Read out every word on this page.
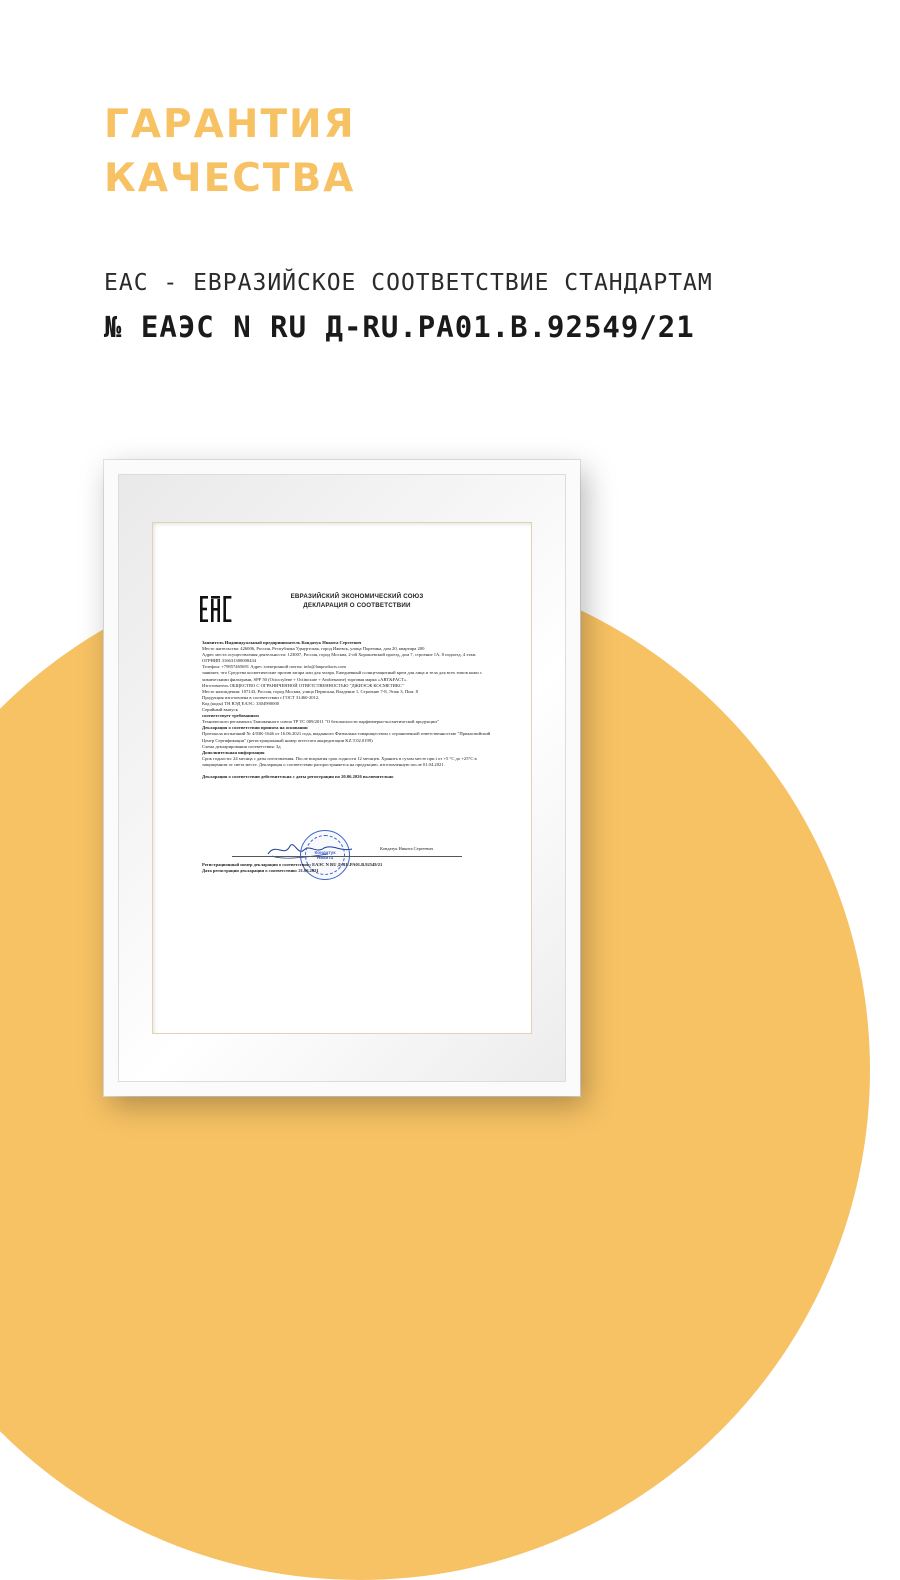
ГАРАНТИЯ
КАЧЕСТВА
EAC - ЕВРАЗИЙСКОЕ СООТВЕТСТВИЕ СТАНДАРТАМ
№ ЕАЭС N RU Д-RU.PA01.B.92549/21
ЕВРАЗИЙСКИЙ ЭКОНОМИЧЕСКИЙ СОЮЗ
ДЕКЛАРАЦИЯ О СООТВЕТСТВИИ

Заявитель Индивидуальный предприниматель Кондатук Никита Сергеевич

Место жительства: 426006, Россия, Республика Удмуртская, город Ижевск, улица Порезика, дом 20, квартира 200

Адрес места осуществления деятельности: 123007, Россия, город Москва, 2-ой Хорошевский проезд, дом 7, строение 1А, 8 подъезд, 4 этаж

ОГРНИП 316631300008434

Телефон: +79857465691 Адрес электронной почты: info@lanproducts.com

заявляет, что Средства косметические против загара или для загара. Ежедневный солнцезащитный крем для лица и тела для всех типов кожи с химическими фильтрами, SPF 50 (Octocrylene + Octinoxate + Avobenzone) торговая марка «ART&FACT».

Изготовитель ОБЩЕСТВО С ОГРАНИЧЕННОЙ ОТВЕТСТВЕННОСТЬЮ "ДЖИЭСЖ КОСМЕТИКС"

Место нахождения: 107143, Россия, город Москва, улица Пермская, Владение 1, Строение 7-8, Этаж 3, Пом. 8

Продукция изготовлена в соответствии с ГОСТ 31460-2012.

Код (коды) ТН ВЭД ЕАЭС: 3304990000

Серийный выпуск

соответствует требованиям

Технического регламента Таможенного союза ТР ТС 009/2011 "О безопасности парфюмерно-косметической продукции"

Декларация о соответствии принята на основании

Протокола испытаний № 4/03К-1646 от 16.06.2021 года, выданного Фитиальна товариществом с ограниченной ответственностью "Прикаспийский Центр Сертификации" (регистрационный номер аттестата аккредитации KZ.T.02.0199)

Схема декларирования соответствия: 3д

Дополнительная информация

Срок годности: 24 месяца с даты изготовления. После вскрытия срок годности 12 месяцев. Хранить в сухом месте при t от +5 °С до +25°С в защищенном от света месте. Декларация о соответствии распространяется на продукцию, изготовленную после 01.04.2021.

Декларация о соответствии действительна с даты регистрации по 20.06.2026 включительно

Кондатук
Никита
Кондатук Никита Сергеевич

Регистрационный номер декларации о соответствии: ЕАЭС N RU Д-RU.PA01.B.92549/21

Дата регистрации декларации о соответствии: 21.06.2021
